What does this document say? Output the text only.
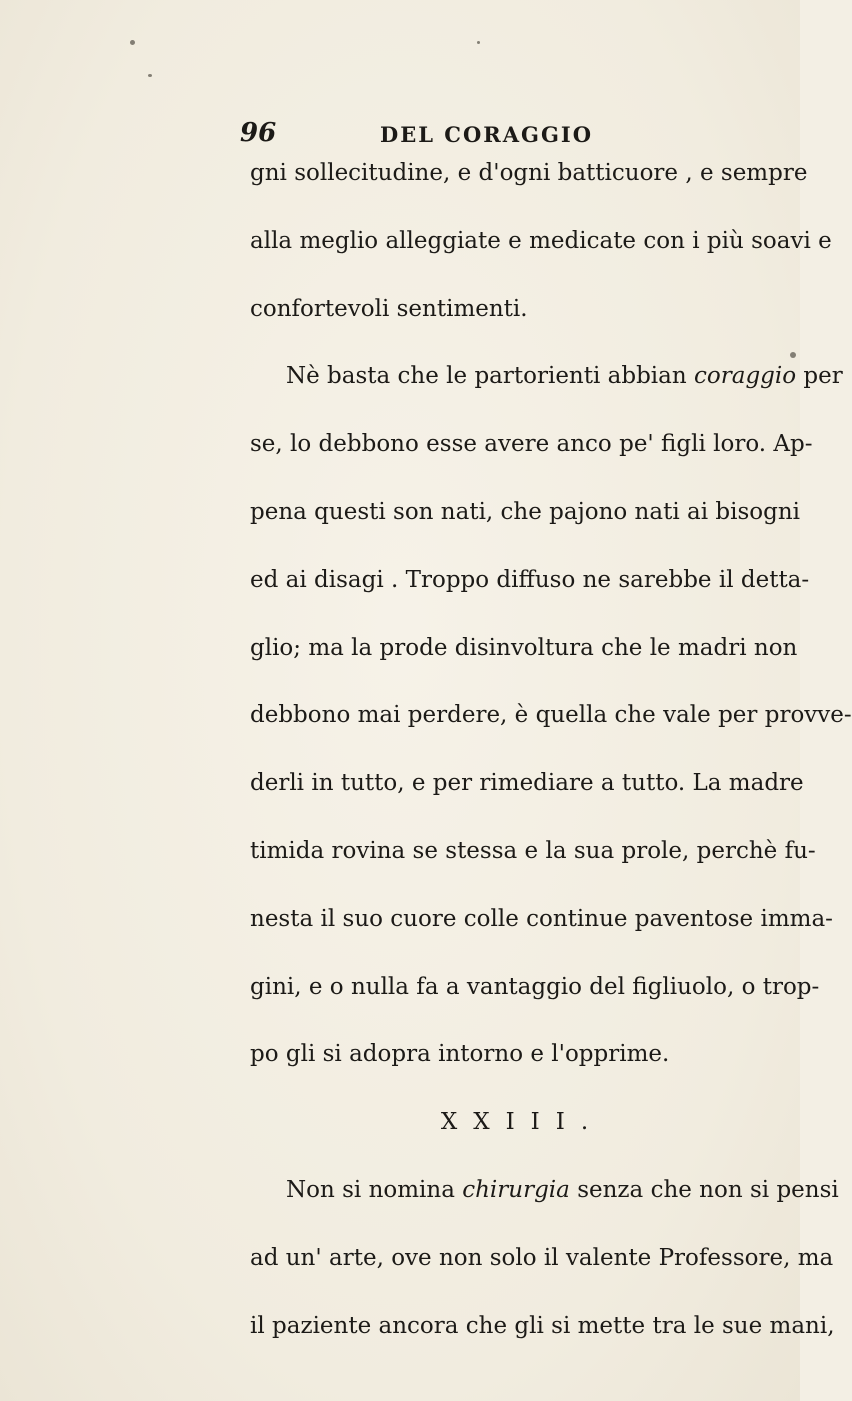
96	DEL CORAGGIO
gni sollecitudine, e d'ogni batticuore , e sempre
alla meglio alleggiate e medicate con i più soavi e
confortevoli sentimenti.
Nè basta che le partorienti abbian coraggio per
se, lo debbono esse avere anco pe' figli loro. Ap-
pena questi son nati, che pajono nati ai bisogni
ed ai disagi . Troppo diffuso ne sarebbe il detta-
glio; ma la prode disinvoltura che le madri non
debbono mai perdere, è quella che vale per provve-
derli in tutto, e per rimediare a tutto. La madre
timida rovina se stessa e la sua prole, perchè fu-
nesta il suo cuore colle continue paventose imma-
gini, e o nulla fa a vantaggio del figliuolo, o trop-
po gli si adopra intorno e l'opprime.
XXIII.
Non si nomina chirurgia senza che non si pensi
ad un' arte, ove non solo il valente Professore, ma
il paziente ancora che gli si mette tra le sue mani,
